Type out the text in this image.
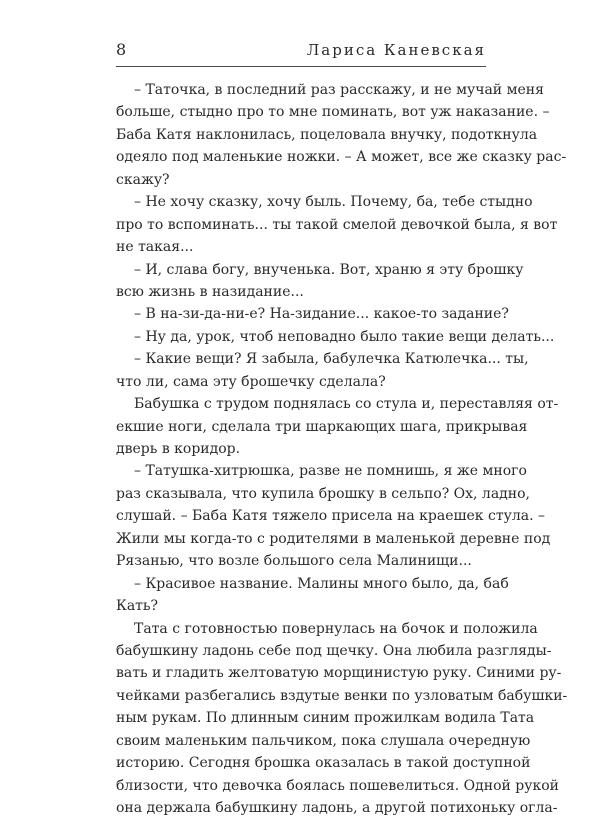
8	Лариса Каневская
– Таточка, в последний раз расскажу, и не мучай меня
больше, стыдно про то мне поминать, вот уж наказание. –
Баба Катя наклонилась, поцеловала внучку, подоткнула
одеяло под маленькие ножки. – А может, все же сказку рас-
скажу?
– Не хочу сказку, хочу быль. Почему, ба, тебе стыдно
про то вспоминать... ты такой смелой девочкой была, я вот
не такая...
– И, слава богу, внученька. Вот, храню я эту брошку
всю жизнь в назидание...
– В на-зи-да-ни-е? На-зидание... какое-то задание?
– Ну да, урок, чтоб неповадно было такие вещи делать...
– Какие вещи? Я забыла, бабулечка Катюлечка... ты,
что ли, сама эту брошечку сделала?
Бабушка с трудом поднялась со стула и, переставляя от-
екшие ноги, сделала три шаркающих шага, прикрывая
дверь в коридор.
– Татушка-хитрюшка, разве не помнишь, я же много
раз сказывала, что купила брошку в сельпо? Ох, ладно,
слушай. – Баба Катя тяжело присела на краешек стула. –
Жили мы когда-то с родителями в маленькой деревне под
Рязанью, что возле большого села Малинищи...
– Красивое название. Малины много было, да, баб
Кать?
Тата с готовностью повернулась на бочок и положила
бабушкину ладонь себе под щечку. Она любила разгляды-
вать и гладить желтоватую морщинистую руку. Синими ру-
чейками разбегались вздутые венки по узловатым бабушки-
ным рукам. По длинным синим прожилкам водила Тата
своим маленьким пальчиком, пока слушала очередную
историю. Сегодня брошка оказалась в такой доступной
близости, что девочка боялась пошевелиться. Одной рукой
она держала бабушкину ладонь, а другой потихоньку огла-
